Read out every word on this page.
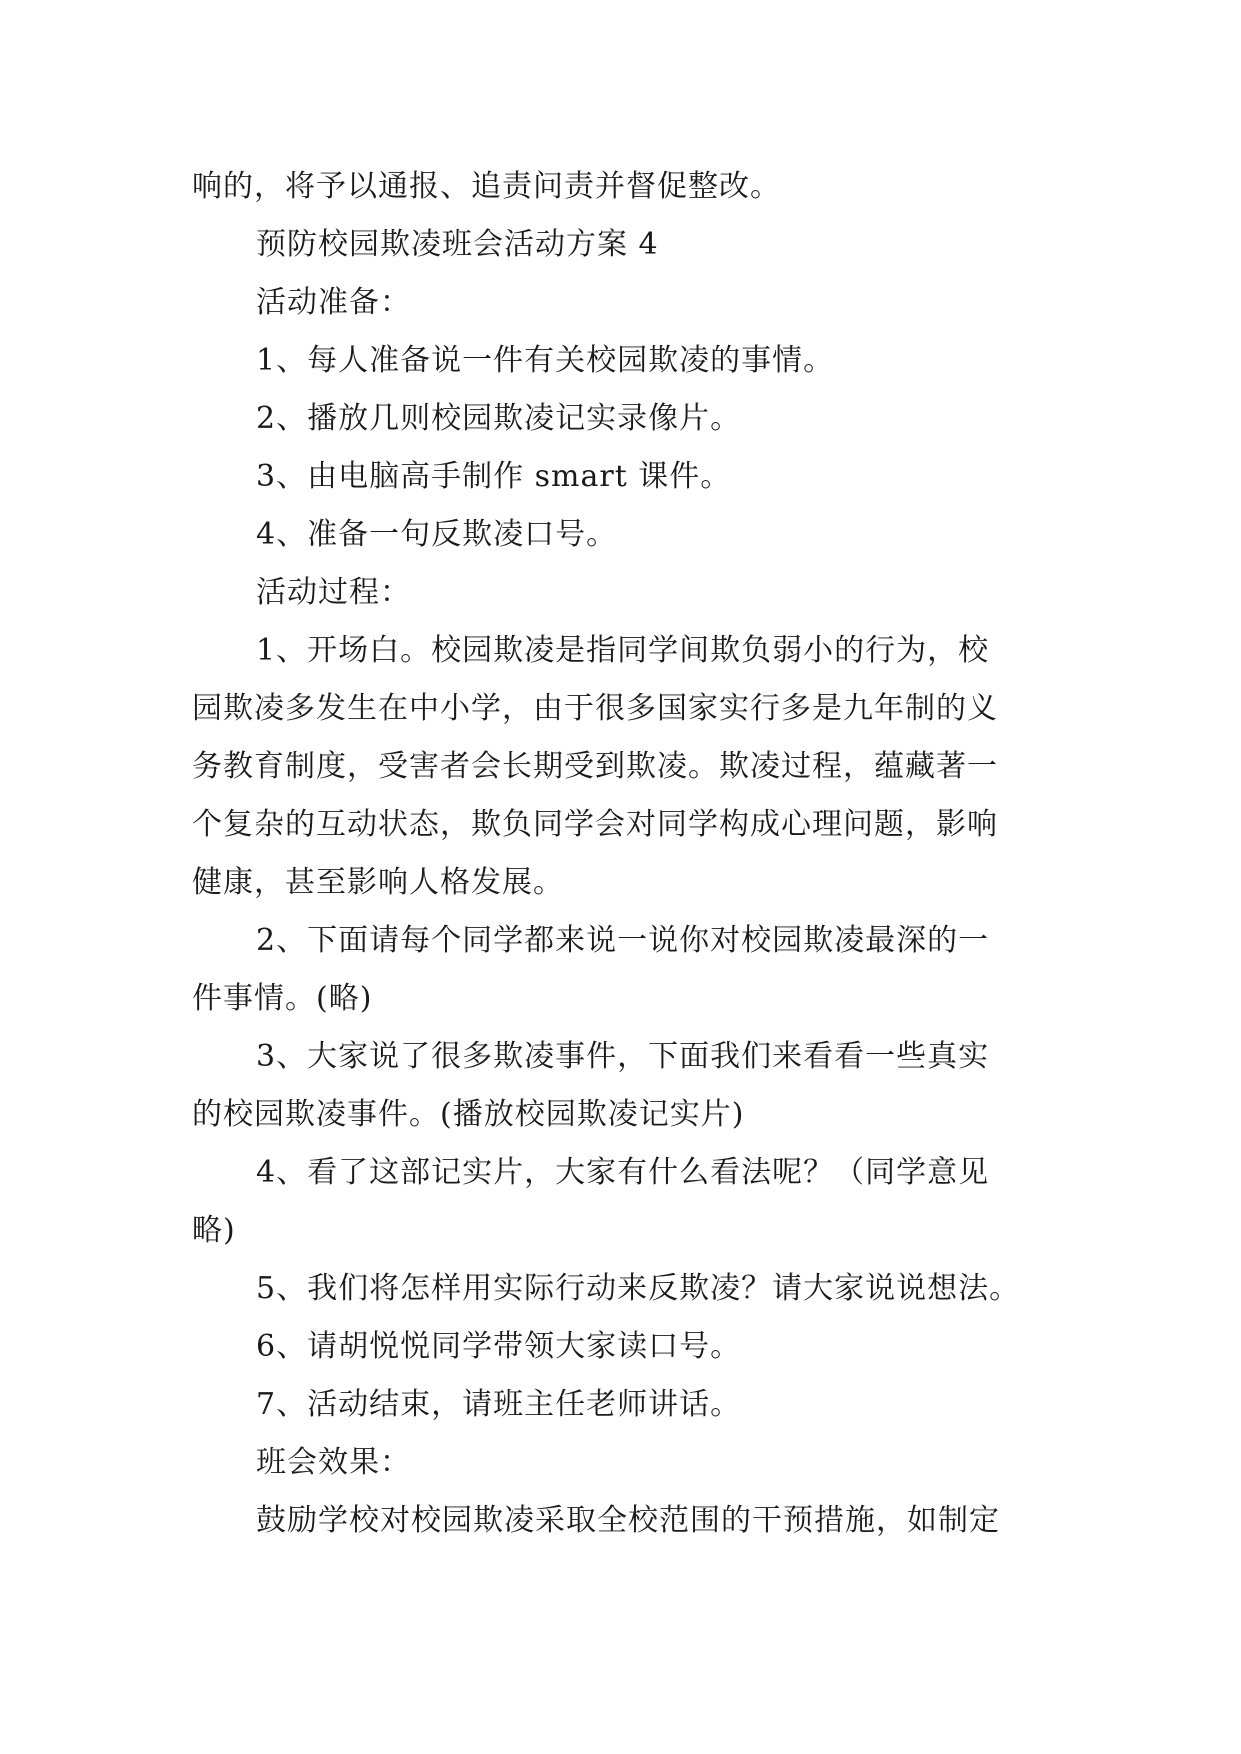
响的，将予以通报、追责问责并督促整改。
预防校园欺凌班会活动方案 4
活动准备：
1、每人准备说一件有关校园欺凌的事情。
2、播放几则校园欺凌记实录像片。
3、由电脑高手制作 smart 课件。
4、准备一句反欺凌口号。
活动过程：
1、开场白。校园欺凌是指同学间欺负弱小的行为，校
园欺凌多发生在中小学，由于很多国家实行多是九年制的义
务教育制度，受害者会长期受到欺凌。欺凌过程，蕴藏著一
个复杂的互动状态，欺负同学会对同学构成心理问题，影响
健康，甚至影响人格发展。
2、下面请每个同学都来说一说你对校园欺凌最深的一
件事情。(略)
3、大家说了很多欺凌事件，下面我们来看看一些真实
的校园欺凌事件。(播放校园欺凌记实片)
4、看了这部记实片，大家有什么看法呢？（同学意见
略)
5、我们将怎样用实际行动来反欺凌？请大家说说想法。
6、请胡悦悦同学带领大家读口号。
7、活动结束，请班主任老师讲话。
班会效果：
鼓励学校对校园欺凌采取全校范围的干预措施，如制定
